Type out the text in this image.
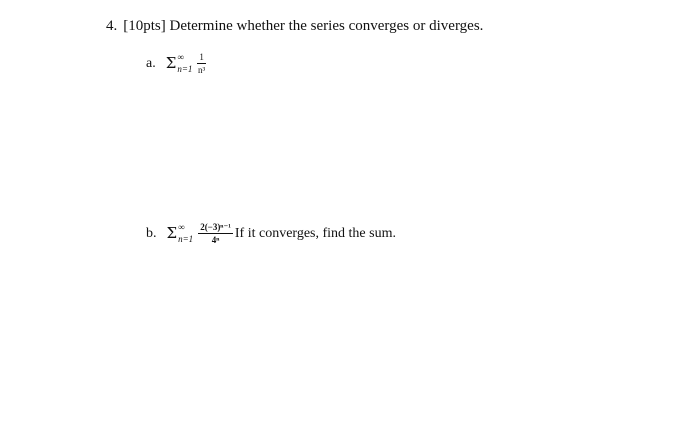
4. [10pts] Determine whether the series converges or diverges.
a. Σ ∞
$n=1 \frac{1}{\text{n³}}$
b. Σ ∞
$n=1 \frac{\text{2(−3)ⁿ⁻¹}}{\text{4ⁿ}}$ If it converges, find the sum.
